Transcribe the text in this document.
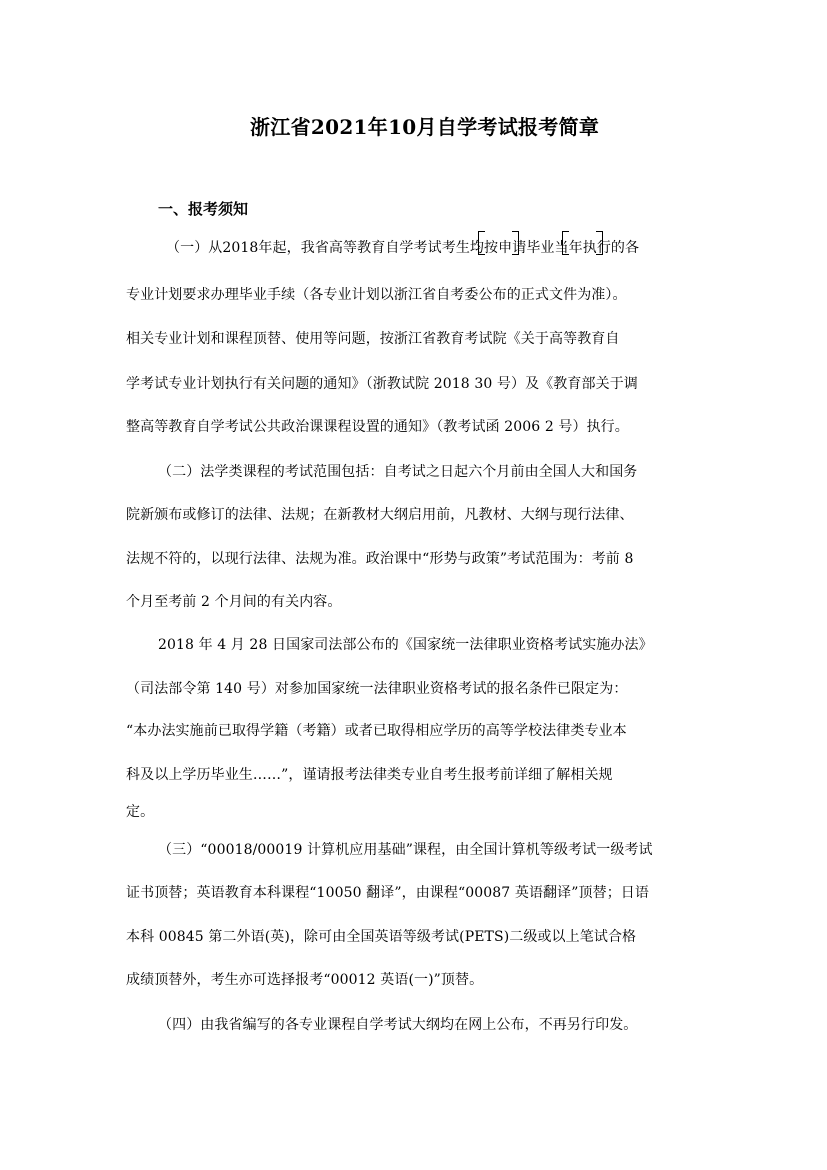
浙江省2021年10月自学考试报考简章
一、报考须知
（一）从2018年起，我省高等教育自学考试考生均按申请毕业当年执行的各
专业计划要求办理毕业手续（各专业计划以浙江省自考委公布的正式文件为准）。
相关专业计划和课程顶替、使用等问题，按浙江省教育考试院《关于高等教育自
学考试专业计划执行有关问题的通知》（浙教试院 2018 30 号）及《教育部关于调
整高等教育自学考试公共政治课课程设置的通知》（教考试函 2006 2 号）执行。
（二）法学类课程的考试范围包括：自考试之日起六个月前由全国人大和国务
院新颁布或修订的法律、法规；在新教材大纲启用前，凡教材、大纲与现行法律、
法规不符的，以现行法律、法规为准。政治课中“形势与政策”考试范围为：考前 8
个月至考前 2 个月间的有关内容。
2018 年 4 月 28 日国家司法部公布的《国家统一法律职业资格考试实施办法》
（司法部令第 140 号）对参加国家统一法律职业资格考试的报名条件已限定为：
“本办法实施前已取得学籍（考籍）或者已取得相应学历的高等学校法律类专业本
科及以上学历毕业生……”，谨请报考法律类专业自考生报考前详细了解相关规
定。
（三）“00018/00019 计算机应用基础”课程，由全国计算机等级考试一级考试
证书顶替；英语教育本科课程“10050 翻译”，由课程“00087 英语翻译”顶替；日语
本科 00845 第二外语(英)，除可由全国英语等级考试(PETS)二级或以上笔试合格
成绩顶替外，考生亦可选择报考“00012 英语(一)”顶替。
（四）由我省编写的各专业课程自学考试大纲均在网上公布，不再另行印发。
